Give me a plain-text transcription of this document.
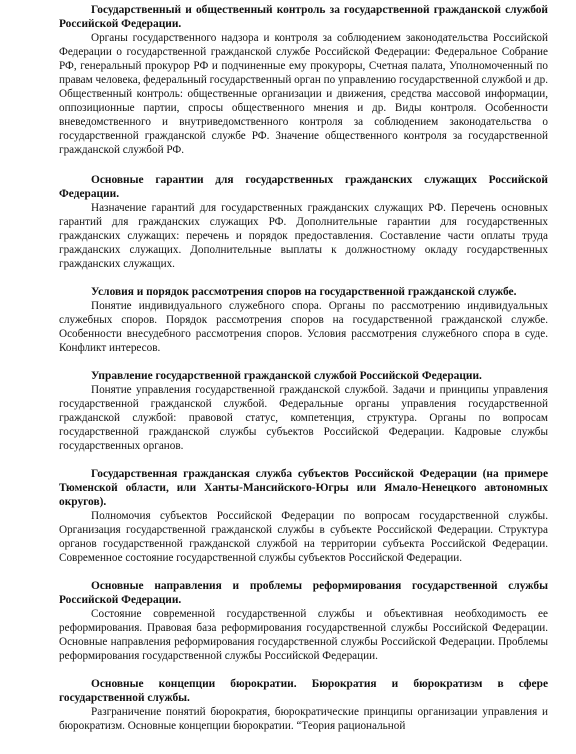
Государственный и общественный контроль за государственной гражданской службой Российской Федерации.

Органы государственного надзора и контроля за соблюдением законодательства Российской Федерации о государственной гражданской службе Российской Федерации: Федеральное Собрание РФ, генеральный прокурор РФ и подчиненные ему прокуроры, Счетная палата, Уполномоченный по правам человека, федеральный государственный орган по управлению государственной службой и др. Общественный контроль: общественные организации и движения, средства массовой информации, оппозиционные партии, спросы общественного мнения и др. Виды контроля. Особенности вневедомственного и внутриведомственного контроля за соблюдением законодательства о государственной гражданской службе РФ. Значение общественного контроля за государственной гражданской службой РФ.

Основные гарантии для государственных гражданских служащих Российской Федерации.

Назначение гарантий для государственных гражданских служащих РФ. Перечень основных гарантий для гражданских служащих РФ. Дополнительные гарантии для государственных гражданских служащих: перечень и порядок предоставления. Составление части оплаты труда гражданских служащих. Дополнительные выплаты к должностному окладу государственных гражданских служащих.

Условия и порядок рассмотрения споров на государственной гражданской службе.

Понятие индивидуального служебного спора. Органы по рассмотрению индивидуальных служебных споров. Порядок рассмотрения споров на государственной гражданской службе. Особенности внесудебного рассмотрения споров. Условия рассмотрения служебного спора в суде. Конфликт интересов.

Управление государственной гражданской службой Российской Федерации.

Понятие управления государственной гражданской службой. Задачи и принципы управления государственной гражданской службой. Федеральные органы управления государственной гражданской службой: правовой статус, компетенция, структура. Органы по вопросам государственной гражданской службы субъектов Российской Федерации. Кадровые службы государственных органов.

Государственная гражданская служба субъектов Российской Федерации (на примере Тюменской области, или Ханты-Мансийского-Югры или Ямало-Ненецкого автономных округов).

Полномочия субъектов Российской Федерации по вопросам государственной службы. Организация государственной гражданской службы в субъекте Российской Федерации. Структура органов государственной гражданской службой на территории субъекта Российской Федерации. Современное состояние государственной службы субъектов Российской Федерации.

Основные направления и проблемы реформирования государственной службы Российской Федерации.

Состояние современной государственной службы и объективная необходимость ее реформирования. Правовая база реформирования государственной службы Российской Федерации. Основные направления реформирования государственной службы Российской Федерации. Проблемы реформирования государственной службы Российской Федерации.

Основные концепции бюрократии. Бюрократия и бюрократизм в сфере государственной службы.

Разграничение понятий бюрократия, бюрократические принципы организации управления и бюрократизм. Основные концепции бюрократии. “Теория рациональной
